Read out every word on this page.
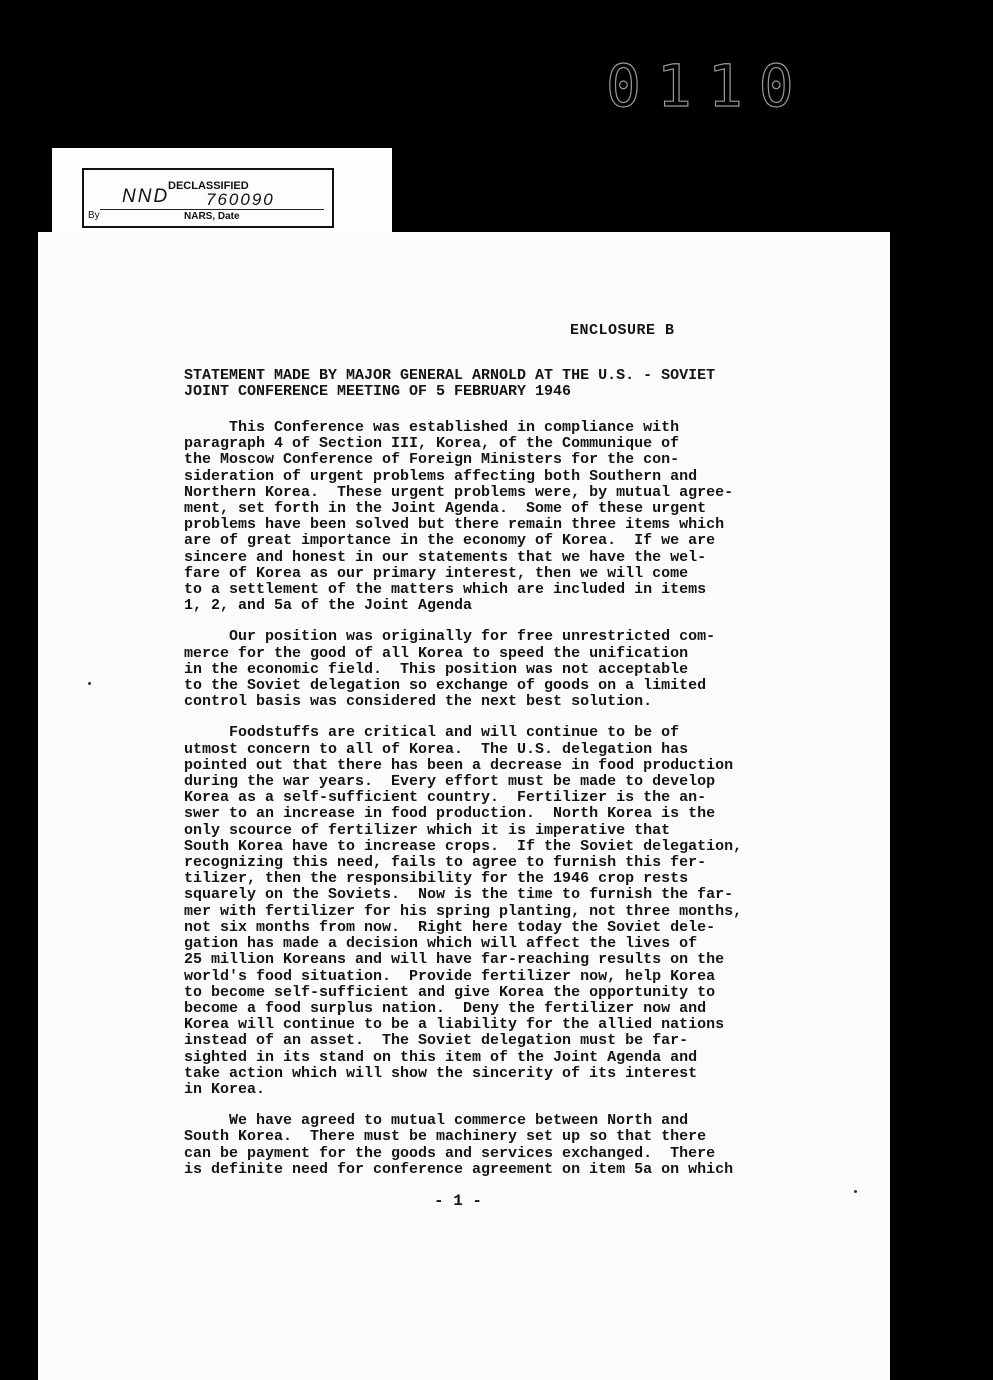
0110
DECLASSIFIED
NND 760090
By	NARS, Date
ENCLOSURE B
STATEMENT MADE BY MAJOR GENERAL ARNOLD AT THE U.S. - SOVIET
JOINT CONFERENCE MEETING OF 5 FEBRUARY 1946
This Conference was established in compliance with
paragraph 4 of Section III, Korea, of the Communique of
the Moscow Conference of Foreign Ministers for the con-
sideration of urgent problems affecting both Southern and
Northern Korea.  These urgent problems were, by mutual agree-
ment, set forth in the Joint Agenda.  Some of these urgent
problems have been solved but there remain three items which
are of great importance in the economy of Korea.  If we are
sincere and honest in our statements that we have the wel-
fare of Korea as our primary interest, then we will come
to a settlement of the matters which are included in items
1, 2, and 5a of the Joint Agenda
Our position was originally for free unrestricted com-
merce for the good of all Korea to speed the unification
in the economic field.  This position was not acceptable
to the Soviet delegation so exchange of goods on a limited
control basis was considered the next best solution.
Foodstuffs are critical and will continue to be of
utmost concern to all of Korea.  The U.S. delegation has
pointed out that there has been a decrease in food production
during the war years.  Every effort must be made to develop
Korea as a self-sufficient country.  Fertilizer is the an-
swer to an increase in food production.  North Korea is the
only scource of fertilizer which it is imperative that
South Korea have to increase crops.  If the Soviet delegation,
recognizing this need, fails to agree to furnish this fer-
tilizer, then the responsibility for the 1946 crop rests
squarely on the Soviets.  Now is the time to furnish the far-
mer with fertilizer for his spring planting, not three months,
not six months from now.  Right here today the Soviet dele-
gation has made a decision which will affect the lives of
25 million Koreans and will have far-reaching results on the
world's food situation.  Provide fertilizer now, help Korea
to become self-sufficient and give Korea the opportunity to
become a food surplus nation.  Deny the fertilizer now and
Korea will continue to be a liability for the allied nations
instead of an asset.  The Soviet delegation must be far-
sighted in its stand on this item of the Joint Agenda and
take action which will show the sincerity of its interest
in Korea.
We have agreed to mutual commerce between North and
South Korea.  There must be machinery set up so that there
can be payment for the goods and services exchanged.  There
is definite need for conference agreement on item 5a on which
- 1 -
